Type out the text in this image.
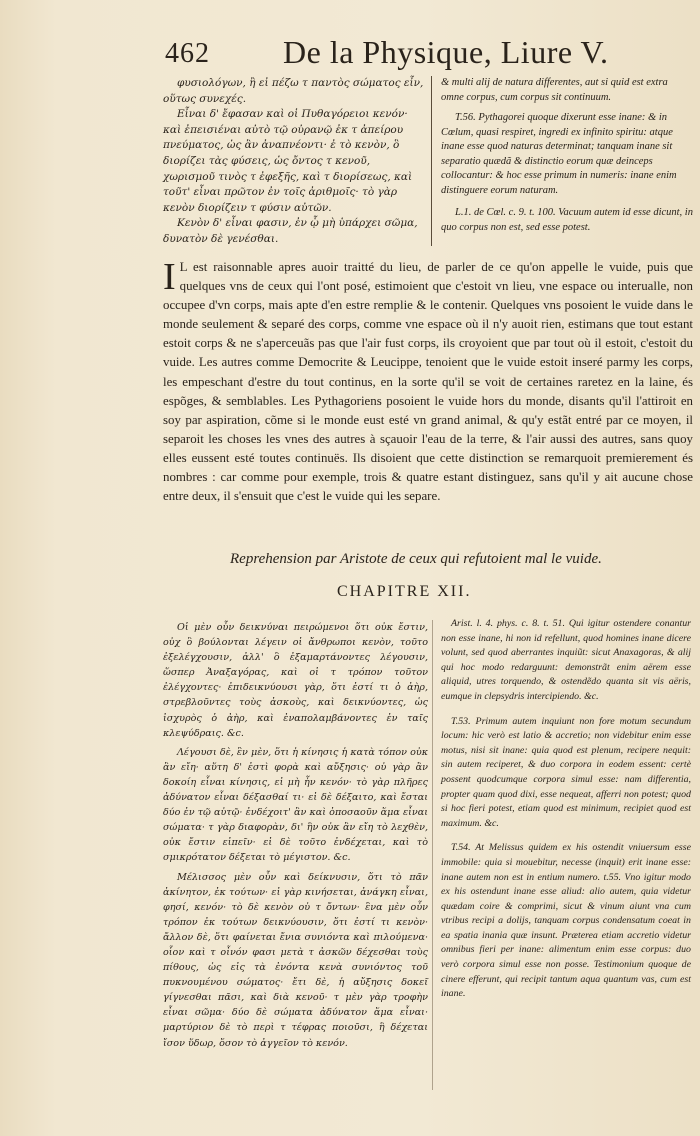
462 De la Physique, Liure V.

φυσιολόγων, ἢ εἰ πέζω τ παντὸς σώματος εἶν, οὕτως συνεχές.

Εἶναι δ' ἔφασαν καὶ οἱ Πυθαγόρειοι κενόν· καὶ ἐπεισιέναι αὐτὸ τῷ οὐρανῷ ἐκ τ ἀπείρου πνεύματος, ὡς ἂν ἀναπνέοντι· ἐ τὸ κενὸν, ὃ διορίζει τὰς φύσεις, ὡς ὄντος τ κενοῦ, χωρισμοῦ τινὸς τ ἐφεξῆς, καὶ τ διορίσεως, καὶ τοῦτ' εἶναι πρῶτον ἐν τοῖς ἀριθμοῖς· τὸ γὰρ κενὸν διορίζειν τ φύσιν αὐτῶν.

Κενὸν δ' εἶναι φασιν, ἐν ᾧ μὴ ὑπάρχει σῶμα, δυνατὸν δὲ γενέσθαι.

& multi alij de natura differentes, aut si quid est extra omne corpus, cum corpus sit continuum.

T.56. Pythagorei quoque dixerunt esse inane: & in Cœlum, quasi respiret, ingredi ex infinito spiritu: atque inane esse quod naturas determinat; tanquam inane sit separatio quædã & distinctio eorum quæ deinceps collocantur: & hoc esse primum in numeris: inane enim distinguere eorum naturam.

L.1. de Cœl. c. 9. t. 100. Vacuum autem id esse dicunt, in quo corpus non est, sed esse potest.

I L est raisonnable apres auoir traitté du lieu, de parler de ce qu'on appelle le vuide, puis que quelques vns de ceux qui l'ont posé, estimoient que c'estoit vn lieu, vne espace ou interualle, non occupee d'vn corps, mais apte d'en estre remplie & le contenir. Quelques vns posoient le vuide dans le monde seulement & separé des corps, comme vne espace où il n'y auoit rien, estimans que tout estant estoit corps & ne s'aperceuãs pas que l'air fust corps, ils croyoient que par tout où il estoit, c'estoit du vuide. Les autres comme Democrite & Leucippe, tenoient que le vuide estoit inseré parmy les corps, les empeschant d'estre du tout continus, en la sorte qu'il se voit de certaines raretez en la laine, és espõges, & semblables. Les Pythagoriens posoient le vuide hors du monde, disants qu'il l'attiroit en soy par aspiration, cõme si le monde eust esté vn grand animal, & qu'y estãt entré par ce moyen, il separoit les choses les vnes des autres à sçauoir l'eau de la terre, & l'air aussi des autres, sans quoy elles eussent esté toutes continuës. Ils disoient que cette distinction se remarquoit premierement és nombres : car comme pour exemple, trois & quatre estant distinguez, sans qu'il y ait aucune chose entre deux, il s'ensuit que c'est le vuide qui les separe.
Reprehension par Aristote de ceux qui refutoient mal le vuide.
CHAPITRE XII.

Οἱ μὲν οὖν δεικνύναι πειρώμενοι ὅτι οὐκ ἔστιν, οὐχ ὃ βούλονται λέγειν οἱ ἄνθρωποι κενὸν, τοῦτο ἐξελέγχουσιν, ἀλλ' ὃ ἐξαμαρτάνοντες λέγουσιν, ὥσπερ Ἀναξαγόρας, καὶ οἱ τ τρόπον τοῦτον ἐλέγχοντες· ἐπιδεικνύουσι γὰρ, ὅτι ἐστί τι ὁ ἀὴρ, στρεβλοῦντες τοὺς ἀσκοὺς, καὶ δεικνύοντες, ὡς ἰσχυρὸς ὁ ἀὴρ, καὶ ἐναπολαμβάνοντες ἐν ταῖς κλεψύδραις. &c.

Λέγουσι δὲ, ἓν μὲν, ὅτι ἡ κίνησις ἡ κατὰ τόπον οὐκ ἂν εἴη· αὕτη δ' ἐστὶ φορὰ καὶ αὔξησις· οὐ γὰρ ἂν δοκοίη εἶναι κίνησις, εἰ μὴ ἦν κενόν· τὸ γὰρ πλῆρες ἀδύνατον εἶναι δέξασθαί τι· εἰ δὲ δέξαιτο, καὶ ἔσται δύο ἐν τῷ αὐτῷ· ἐνδέχοιτ' ἂν καὶ ὁποσαοῦν ἅμα εἶναι σώματα· τ γὰρ διαφορὰν, δι' ἣν οὐκ ἂν εἴη τὸ λεχθὲν, οὐκ ἔστιν εἰπεῖν· εἰ δὲ τοῦτο ἐνδέχεται, καὶ τὸ σμικρότατον δέξεται τὸ μέγιστον. &c.

Μέλισσος μὲν οὖν καὶ δείκνυσιν, ὅτι τὸ πᾶν ἀκίνητον, ἐκ τούτων· εἰ γὰρ κινήσεται, ἀνάγκη εἶναι, φησί, κενόν· τὸ δὲ κενὸν οὐ τ ὄντων· ἓνα μὲν οὖν τρόπον ἐκ τούτων δεικνύουσιν, ὅτι ἐστί τι κενὸν· ἄλλον δὲ, ὅτι φαίνεται ἔνια συνιόντα καὶ πιλούμενα· οἷον καὶ τ οἶνόν φασι μετὰ τ ἀσκῶν δέχεσθαι τοὺς πίθους, ὡς εἰς τὰ ἐνόντα κενὰ συνιόντος τοῦ πυκνουμένου σώματος· ἔτι δὲ, ἡ αὔξησις δοκεῖ γίγνεσθαι πᾶσι, καὶ διὰ κενοῦ· τ μὲν γὰρ τροφὴν εἶναι σῶμα· δύο δὲ σώματα ἀδύνατον ἅμα εἶναι· μαρτύριον δὲ τὸ περὶ τ τέφρας ποιοῦσι, ἣ δέχεται ἴσον ὕδωρ, ὅσον τὸ ἀγγεῖον τὸ κενόν.

Arist. l. 4. phys. c. 8. t. 51. Qui igitur ostendere conantur non esse inane, hi non id refellunt, quod homines inane dicere volunt, sed quod aberrantes inquiũt: sicut Anaxagoras, & alij qui hoc modo redarguunt: demonstrãt enim aërem esse aliquid, utres torquendo, & ostendẽdo quanta sit vis aëris, eumque in clepsydris intercipiendo. &c.

T.53. Primum autem inquiunt non fore motum secundum locum: hic verò est latio & accretio; non videbitur enim esse motus, nisi sit inane: quia quod est plenum, recipere nequit: sin autem reciperet, & duo corpora in eodem essent: certè possent quodcumque corpora simul esse: nam differentia, propter quam quod dixi, esse nequeat, afferri non potest; quod si hoc fieri potest, etiam quod est minimum, recipiet quod est maximum. &c.

T.54. At Melissus quidem ex his ostendit vniuersum esse immobile: quia si mouebitur, necesse (inquit) erit inane esse: inane autem non est in entium numero. t.55. Vno igitur modo ex his ostendunt inane esse aliud: alio autem, quia videtur quædam coire & comprimi, sicut & vinum aiunt vna cum vtribus recipi a dolijs, tanquam corpus condensatum coeat in ea spatia inania quæ insunt. Præterea etiam accretio videtur omnibus fieri per inane: alimentum enim esse corpus: duo verò corpora simul esse non posse. Testimonium quoque de cinere efferunt, qui recipit tantum aqua quantum vas, cum est inane.
